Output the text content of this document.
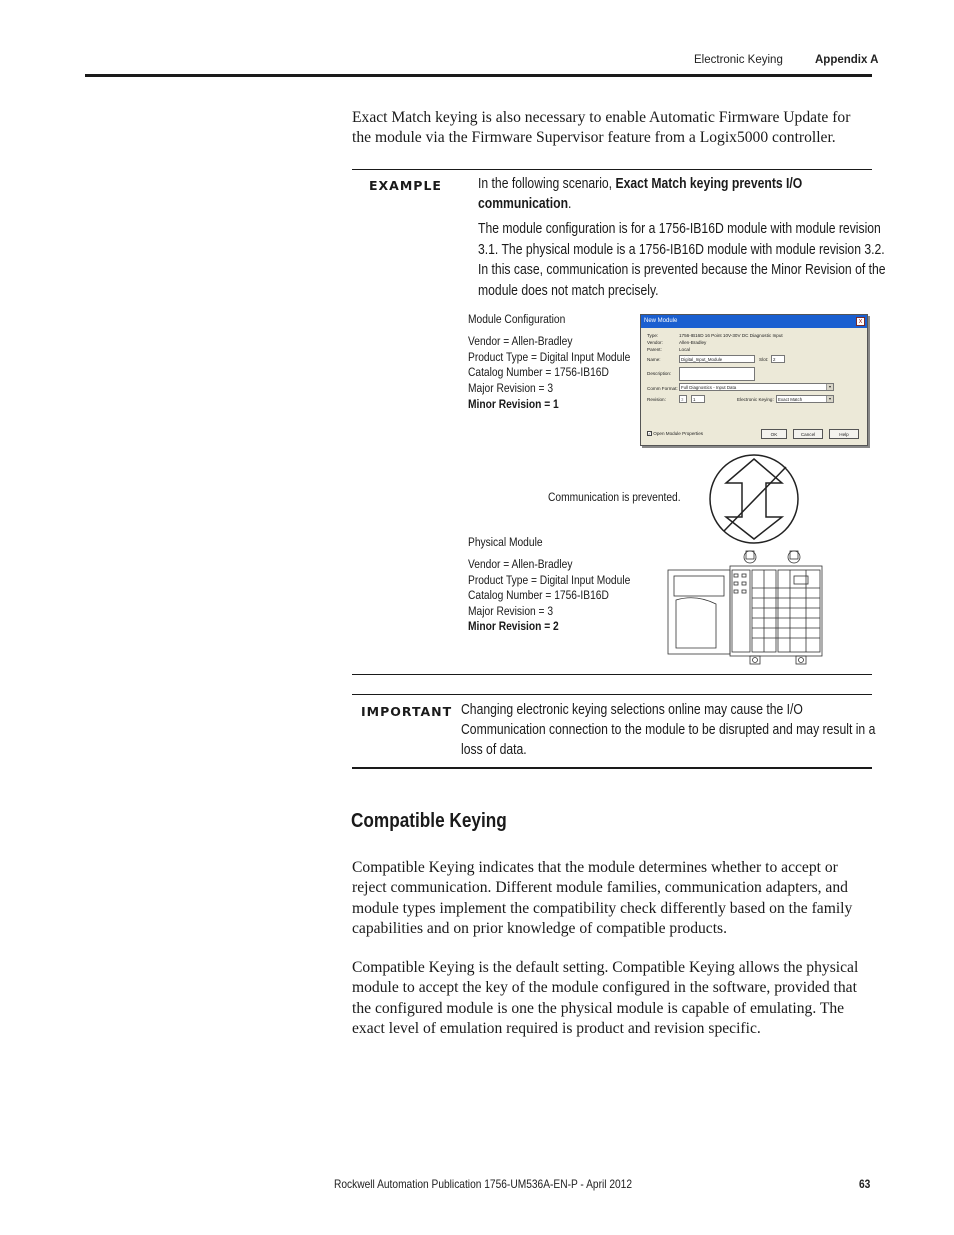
Electronic Keying	Appendix A
Exact Match keying is also necessary to enable Automatic Firmware Update for
the module via the Firmware Supervisor feature from a Logix5000 controller.
EXAMPLE In the following scenario, Exact Match keying prevents I/O
communication.
The module configuration is for a 1756-IB16D module with module revision
3.1. The physical module is a 1756-IB16D module with module revision 3.2.
In this case, communication is prevented because the Minor Revision of the
module does not match precisely.
Module Configuration
Vendor = Allen-Bradley
Product Type = Digital Input Module
Catalog Number = 1756-IB16D
Major Revision = 3
Minor Revision = 1
New Module	x
Type:	1756-IB16D 16 Point 10V-30V DC Diagnostic Input
Vendor:	Allen-Bradley
Parent:	Local
Name:	Digital_Input_Module	Slot:	2
Description:
Comm Format: Full Diagnostics - Input Data	▾
Revision:	3	1	Electronic Keying: Exact Match	▾
✓ Open Module Properties	OK	Cancel	Help
Communication is prevented.
Physical Module
Vendor = Allen-Bradley
Product Type = Digital Input Module
Catalog Number = 1756-IB16D
Major Revision = 3
Minor Revision = 2
IMPORTANT Changing electronic keying selections online may cause the I/O
Communication connection to the module to be disrupted and may result in a
loss of data.
Compatible Keying
Compatible Keying indicates that the module determines whether to accept or
reject communication. Different module families, communication adapters, and
module types implement the compatibility check differently based on the family
capabilities and on prior knowledge of compatible products.
Compatible Keying is the default setting. Compatible Keying allows the physical
module to accept the key of the module configured in the software, provided that
the configured module is one the physical module is capable of emulating. The
exact level of emulation required is product and revision specific.
Rockwell Automation Publication 1756-UM536A-EN-P - April 2012	63
